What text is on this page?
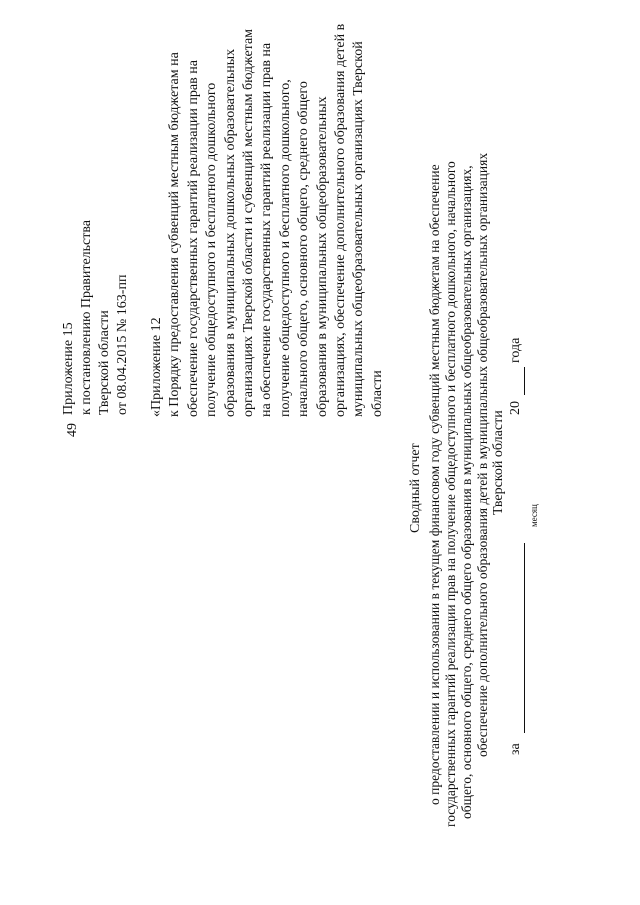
49
Приложение 15 к постановлению Правительства Тверской области от 08.04.2015 № 163-пп «Приложение 12 к Порядку предоставления субвенций местным бюджетам на обеспечение государственных гарантий реализации прав на получение общедоступного и бесплатного дошкольного образования в муниципальных дошкольных образовательных организациях Тверской области и субвенций местным бюджетам на обеспечение государственных гарантий реализации прав на получение общедоступного и бесплатного дошкольного, начального общего, основного общего, среднего общего образования в муниципальных общеобразовательных организациях, обеспечение дополнительного образования детей в муниципальных общеобразовательных организациях Тверской области
Сводный отчет о предоставлении и использовании в текущем финансовом году субвенций местным бюджетам на обеспечение государственных гарантий реализации прав на получение общедоступного и бесплатного дошкольного, начального общего, основного общего, среднего общего образования в муниципальных общеобразовательных организациях, обеспечение дополнительного образования детей в муниципальных общеобразовательных организациях Тверской области
за
месяц
20
года
